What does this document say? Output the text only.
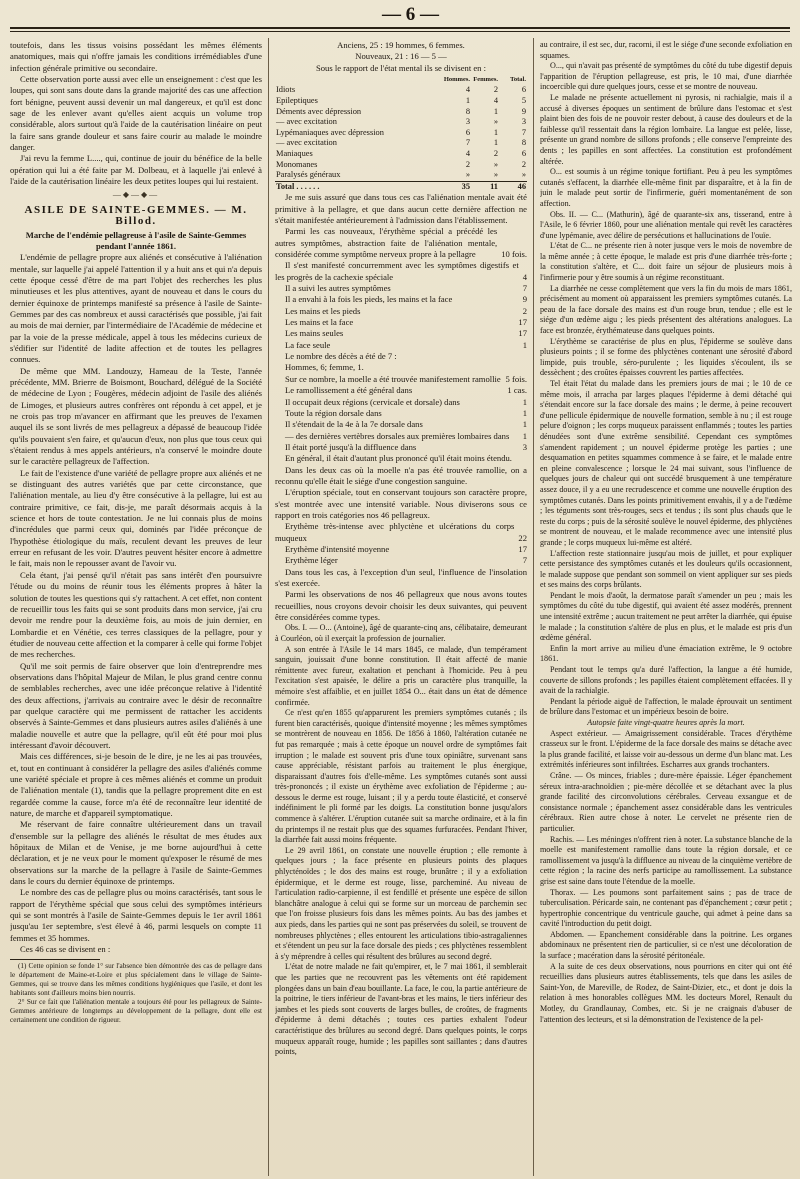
— 6 —

toutefois, dans les tissus voisins possédant les mêmes éléments anatomiques, mais qui n'offre jamais les conditions irrémédiables d'une infection générale primitive ou secondaire.

Cette observation porte aussi avec elle un enseignement : c'est que les loupes, qui sont sans doute dans la grande majorité des cas une affection fort bénigne, peuvent aussi devenir un mal dangereux, et qu'il est donc sage de les enlever avant qu'elles aient acquis un volume trop considérable, alors surtout qu'à l'aide de la cautérisation linéaire on peut la faire sans grande douleur et sans faire courir au malade le moindre danger.

J'ai revu la femme L...., qui, continue de jouir du bénéfice de la belle opération qui lui a été faite par M. Dolbeau, et à laquelle j'ai enlevé à l'aide de la cautérisation linéaire les deux petites loupes qui lui restaient.

—◆—◆—
ASILE DE SAINTE-GEMMES. — M. Billod.

Marche de l'endémie pellagreuse à l'asile de Sainte-Gemmes pendant l'année 1861.

L'endémie de pellagre propre aux aliénés et consécutive à l'aliénation mentale, sur laquelle j'ai appelé l'attention il y a huit ans et qui n'a depuis cette époque cessé d'être de ma part l'objet des recherches les plus minutieuses et les plus attentives, ayant de nouveau et dans le cours du dernier équinoxe de printemps manifesté sa présence à l'asile de Sainte-Gemmes par des cas nombreux et aussi caractérisés que possible, j'ai fait au mois de mai dernier, par l'intermédiaire de l'Académie de médecine et par la voie de la presse médicale, appel à tous les médecins curieux de s'édifier sur l'identité de ladite affection et de toutes les pellagres connues.

De même que MM. Landouzy, Hameau de la Teste, l'année précédente, MM. Brierre de Boismont, Bouchard, délégué de la Société de médecine de Lyon ; Fougères, médecin adjoint de l'asile des aliénés de Limoges, et plusieurs autres confrères ont répondu à cet appel, et je ne crois pas trop m'avancer en affirmant que les preuves de l'examen auquel ils se sont livrés de mes pellagreux a dépassé de beaucoup l'idée qu'ils pouvaient s'en faire, et qu'aucun d'eux, non plus que tous ceux qui s'étaient rendus à mes appels antérieurs, n'a conservé le moindre doute sur le caractère pellagreux de l'affection.

Le fait de l'existence d'une variété de pellagre propre aux aliénés et ne se distinguant des autres variétés que par cette circonstance, que l'aliénation mentale, au lieu d'y être consécutive à la pellagre, lui est au contraire primitive, ce fait, dis-je, me paraît désormais acquis à la science et hors de toute contestation. Je ne lui connais plus de moins d'incrédules que parmi ceux qui, dominés par l'idée préconçue de l'hypothèse étiologique du maïs, reculent devant les preuves de leur erreur en refusant de les voir. D'autres peuvent hésiter encore à admettre le fait, mais non le repousser avant de l'avoir vu.

Cela étant, j'ai pensé qu'il n'était pas sans intérêt d'en poursuivre l'étude ou du moins de réunir tous les éléments propres à hâter la solution de toutes les questions qui s'y rattachent. A cet effet, non content de recueillir tous les faits qui se sont produits dans mon service, j'ai cru devoir me rendre pour la deuxième fois, au mois de juin dernier, en Lombardie et en Vénétie, ces terres classiques de la pellagre, pour y étudier de nouveau cette affection et la comparer à celle qui forme l'objet de mes recherches.

Qu'il me soit permis de faire observer que loin d'entreprendre mes observations dans l'hôpital Majeur de Milan, le plus grand centre connu de semblables recherches, avec une idée préconçue relative à l'identité des deux affections, j'arrivais au contraire avec le désir de reconnaître par quelque caractère qui me permissent de rattacher les accidents observés à Sainte-Gemmes et dans plusieurs autres asiles d'aliénés à une maladie nouvelle et autre que la pellagre, qu'il eût été pour moi plus intéressant d'avoir découvert.

Mais ces différences, si-je besoin de le dire, je ne les ai pas trouvées, et, tout en continuant à considérer la pellagre des asiles d'aliénés comme une variété spéciale et propre à ces mêmes aliénés et comme un produit de l'aliénation mentale (1), tandis que la pellagre proprement dite en est regardée comme la cause, force m'a été de reconnaître leur identité de nature, de marche et d'appareil symptomatique.

Me réservant de faire connaître ultérieurement dans un travail d'ensemble sur la pellagre des aliénés le résultat de mes études aux hôpitaux de Milan et de Venise, je me borne aujourd'hui à cette déclaration, et je ne veux pour le moment qu'exposer le résumé de mes observations sur la marche de la pellagre à l'asile de Sainte-Gemmes dans le cours du dernier équinoxe de printemps.

Le nombre des cas de pellagre plus ou moins caractérisés, tant sous le rapport de l'érythème spécial que sous celui des symptômes intérieurs qui se sont montrés à l'asile de Sainte-Gemmes depuis le 1er avril 1861 jusqu'au 1er septembre, s'est élevé à 46, parmi lesquels on compte 11 femmes et 35 hommes.

Ces 46 cas se divisent en :

(1) Cette opinion se fonde 1° sur l'absence bien démontrée des cas de pellagre dans le département de Maine-et-Loire et plus spécialement dans le village de Sainte-Gemmes, qui se trouve dans les mêmes conditions hygiéniques que l'asile, et dont les habitants sont d'ailleurs moins bien nourris.

2° Sur ce fait que l'aliénation mentale a toujours été pour les pellagreux de Sainte-Gemmes antérieure de longtemps au développement de la pellagre, dont elle est certainement une condition de rigueur.

Anciens, 25 : 19 hommes, 6 femmes.

Nouveaux, 21 : 16 — 5 —

Sous le rapport de l'état mental ils se divisent en :

	Hommes.	Femmes.	Total.
Idiots	4	2	6
Epileptiques	1	4	5
Déments avec dépression	8	1	9
— avec excitation	3	»	3
Lypémaniaques avec dépression	6	1	7
— avec excitation	7	1	8
Maniaques	4	2	6
Monomanes	2	»	2
Paralysés généraux	»	»	»
Total . . . . . .	35	11	46

Je me suis assuré que dans tous ces cas l'aliénation mentale avait été primitive à la pellagre, et que dans aucun cette dernière affection ne s'était manifestée antérieurement à l'admission dans l'établissement.

Parmi les cas nouveaux, l'érythème spécial a précédé les autres symptômes, abstraction faite de l'aliénation mentale, considérée comme symptôme nerveux propre à la pellagre	10 fois.
Il s'est manifesté concurremment avec les symptômes digestifs et les progrès de la cachexie spéciale	4
Il a suivi les autres symptômes	7
Il a envahi à la fois les pieds, les mains et la face	9
Les mains et les pieds	2
Les mains et la face	17
Les mains seules	17
La face seule	1

Le nombre des décès a été de 7 :

Hommes, 6; femme, 1.

Sur ce nombre, la moelle a été trouvée manifestement ramollie 5 fois.
Le ramollissement a été général dans	1 cas.
Il occupait deux régions (cervicale et dorsale) dans	1
Toute la région dorsale dans	1
Il s'étendait de la 4e à la 7e dorsale dans	1
— des dernières vertèbres dorsales aux premières lombaires dans	1
Il était porté jusqu'à la diffluence dans	3

En général, il était d'autant plus prononcé qu'il était moins étendu.

Dans les deux cas où la moelle n'a pas été trouvée ramollie, on a reconnu qu'elle était le siége d'une congestion sanguine.

L'éruption spéciale, tout en conservant toujours son caractère propre, s'est montrée avec une intensité variable. Nous diviserons sous ce rapport en trois catégories nos 46 pellagreux.

Erythème très-intense avec phlyctène et ulcérations du corps muqueux	22
Erythème d'intensité moyenne	17
Erythème léger	7

Dans tous les cas, à l'exception d'un seul, l'influence de l'insolation s'est exercée.

Parmi les observations de nos 46 pellagreux que nous avons toutes recueillies, nous croyons devoir choisir les deux suivantes, qui peuvent être considérées comme types.

Obs. I. — O... (Antoine), âgé de quarante-cinq ans, célibataire, demeurant à Courléon, où il exerçait la profession de journalier.

A son entrée à l'Asile le 14 mars 1845, ce malade, d'un tempérament sanguin, jouissait d'une bonne constitution. Il était affecté de manie rémittente avec fureur, exaltation et penchant à l'homicide. Peu à peu l'excitation s'est apaisée, le délire a pris un caractère plus tranquille, la mémoire s'est affaiblie, et en juillet 1854 O... était dans un état de démence confirmée.

Ce n'est qu'en 1855 qu'apparurent les premiers symptômes cutanés ; ils furent bien caractérisés, quoique d'intensité moyenne ; les mêmes symptômes se montrèrent de nouveau en 1856. De 1856 à 1860, l'altération cutanée ne fut pas remarquée ; mais à cette époque un nouvel ordre de symptômes fait irruption ; le malade est souvent pris d'une toux opiniâtre, survenant sans cause appréciable, résistant parfois au traitement le plus énergique, disparaissant d'autres fois d'elle-même. Les symptômes cutanés sont aussi très-prononcés ; il existe un érythème avec exfoliation de l'épiderme ; au-dessous le derme est rouge, luisant ; il y a perdu toute élasticité, et conservé indéfiniment le pli formé par les doigts. La constitution bonne jusqu'alors commence à s'altérer. L'éruption cutanée suit sa marche ordinaire, et à la fin du printemps il ne restait plus que des squames furfuracées. Pendant l'hiver, la diarrhée fait aussi moins fréquente.

Le 29 avril 1861, on constate une nouvelle éruption ; elle remonte à quelques jours ; la face présente en plusieurs points des plaques phlycténoïdes ; le dos des mains est rouge, brunâtre ; il y a exfoliation épidermique, et le derme est rouge, lisse, parcheminé. Au niveau de l'articulation radio-carpienne, il est fendillé et présente une espèce de sillon blanchâtre analogue à celui qui se forme sur un morceau de parchemin sec que l'on froisse plusieurs fois dans les mêmes points. Au bas des jambes et aux pieds, dans les parties qui ne sont pas préservées du soleil, se trouvent de nombreuses phlyctènes ; elles entourent les articulations tibio-astragaliennes et s'étendent un peu sur la face dorsale des pieds ; ces phlyctènes ressemblent à s'y méprendre à celles qui résultent des brûlures au second degré.

L'état de notre malade ne fait qu'empirer, et, le 7 mai 1861, il semblerait que les parties que ne recouvrent pas les vêtements ont été rapidement plongées dans un bain d'eau bouillante. La face, le cou, la partie antérieure de la poitrine, le tiers inférieur de l'avant-bras et les mains, le tiers inférieur des jambes et les pieds sont couverts de larges bulles, de croûtes, de fragments d'épiderme à demi détachés ; toutes ces parties exhalent l'odeur caractéristique des brûlures au second degré. Dans quelques points, le corps muqueux apparaît rouge, humide ; les papilles sont saillantes ; dans d'autres points,

au contraire, il est sec, dur, racorni, il est le siége d'une seconde exfoliation en squames.

O..., qui n'avait pas présenté de symptômes du côté du tube digestif depuis l'apparition de l'éruption pellagreuse, est pris, le 10 mai, d'une diarrhée incoercible qui dure quelques jours, cesse et se montre de nouveau.

Le malade ne présente actuellement ni pyrosis, ni rachialgie, mais il a accusé à diverses époques un sentiment de brûlure dans l'estomac et s'est plaint bien des fois de ne pouvoir rester debout, à cause des douleurs et de la faiblesse qu'il ressentait dans la région lombaire. La langue est pelée, lisse, présente un grand nombre de sillons profonds ; elle conserve l'empreinte des dents ; les papilles en sont affectées. La constitution est profondément altérée.

O... est soumis à un régime tonique fortifiant. Peu à peu les symptômes cutanés s'effacent, la diarrhée elle-même finit par disparaître, et à la fin de juin le malade peut sortir de l'infirmerie, guéri momentanément de son affection.

Obs. II. — C... (Mathurin), âgé de quarante-six ans, tisserand, entre à l'Asile, le 6 février 1860, pour une aliénation mentale qui revêt les caractères d'une lypémanie, avec délire de persécutions et hallucinations de l'ouïe.

L'état de C... ne présente rien à noter jusque vers le mois de novembre de la même année ; à cette époque, le malade est pris d'une diarrhée très-forte ; la constitution s'altère, et C... doit faire un séjour de plusieurs mois à l'infirmerie pour y être soumis à un régime reconstituant.

La diarrhée ne cesse complètement que vers la fin du mois de mars 1861, précisément au moment où apparaissent les premiers symptômes cutanés. La peau de la face dorsale des mains est d'un rouge brun, tendue ; elle est le siége d'un œdème aigu ; les pieds présentent des altérations analogues. La face est bronzée, érythémateuse dans quelques points.

L'érythème se caractérise de plus en plus, l'épiderme se soulève dans plusieurs points ; il se forme des phlyctènes contenant une sérosité d'abord limpide, puis trouble, séro-purulente ; les liquides s'écoulent, ils se dessèchent ; des croûtes épaisses couvrent les parties affectées.

Tel était l'état du malade dans les premiers jours de mai ; le 10 de ce même mois, il arracha par larges plaques l'épiderme à demi détaché qui s'étendait encore sur la face dorsale des mains ; le derme, à peine recouvert d'une pellicule épidermique de nouvelle formation, semble à nu ; il est rouge pelure d'oignon ; les corps muqueux paraissent enflammés ; toutes les parties dénudées sont d'une extrême sensibilité. Cependant ces symptômes s'amendent rapidement ; un nouvel épiderme protège les parties ; une desquamation en petites squammes commence à se faire, et le malade entre en pleine convalescence ; lorsque le 24 mai suivant, sous l'influence de quelques jours de chaleur qui ont succédé brusquement à une température assez douce, il y a eu une recrudescence et comme une nouvelle éruption des symptômes cutanés. Dans les points primitivement envahis, il y a de l'œdème ; les téguments sont très-rouges, secs et tendus ; ils sont plus chauds que le reste du corps ; puis de la sérosité soulève le nouvel épiderme, des phlyctènes se montrent de nouveau, et le malade recommence avec une intensité plus grande ; le corps muqueux lui-même est altéré.

L'affection reste stationnaire jusqu'au mois de juillet, et pour expliquer cette persistance des symptômes cutanés et les douleurs qu'ils occasionnent, le malade suppose que pendant son sommeil on vient appliquer sur ses pieds et ses mains des corps brûlants.

Pendant le mois d'août, la dermatose paraît s'amender un peu ; mais les symptômes du côté du tube digestif, qui avaient été assez modérés, prennent une intensité extrême ; aucun traitement ne peut arrêter la diarrhée, qui épuise le malade ; la constitution s'altère de plus en plus, et le malade est pris d'un œdème général.

Enfin la mort arrive au milieu d'une émaciation extrême, le 9 octobre 1861.

Pendant tout le temps qu'a duré l'affection, la langue a été humide, couverte de sillons profonds ; les papilles étaient complètement effacées. Il y avait de la rachialgie.

Pendant la période aiguë de l'affection, le malade éprouvait un sentiment de brûlure dans l'estomac et un impérieux besoin de boire.

Autopsie faite vingt-quatre heures après la mort.

Aspect extérieur. — Amaigrissement considérable. Traces d'érythème crasseux sur le front. L'épiderme de la face dorsale des mains se détache avec la plus grande facilité, et laisse voir au-dessous un derme d'un blanc mat. Les extrémités inférieures sont infiltrées. Escharres aux grands trochanters.

Crâne. — Os minces, friables ; dure-mère épaissie. Léger épanchement séreux intra-arachnoïdien ; pie-mère décollée et se détachant avec la plus grande facilité des circonvolutions cérébrales. Cerveau exsangue et de consistance normale ; épanchement assez considérable dans les ventricules cérébraux. Rien autre chose à noter. Le cervelet ne présente rien de particulier.

Rachis. — Les méninges n'offrent rien à noter. La substance blanche de la moelle est manifestement ramollie dans toute la région dorsale, et ce ramollissement va jusqu'à la diffluence au niveau de la cinquième vertèbre de cette région ; la racine des nerfs participe au ramollissement. La substance grise est saine dans toute l'étendue de la moelle.

Thorax. — Les poumons sont parfaitement sains ; pas de trace de tuberculisation. Péricarde sain, ne contenant pas d'épanchement ; cœur petit ; hypertrophie concentrique du ventricule gauche, qui admet à peine dans sa cavité l'introduction du petit doigt.

Abdomen. — Epanchement considérable dans la poitrine. Les organes abdominaux ne présentent rien de particulier, si ce n'est une décoloration de la surface ; macération dans la sérosité péritonéale.

A la suite de ces deux observations, nous pourrions en citer qui ont été recueillies dans plusieurs autres établissements, tels que dans les asiles de Saint-Yon, de Mareville, de Rodez, de Saint-Dizier, etc., et dont je dois la relation à mes honorables collègues MM. les docteurs Morel, Renault du Motley, du Grandlaunay, Combes, etc. Si je ne craignais d'abuser de l'attention des lecteurs, et si la démonstration de l'existence de la pel-
